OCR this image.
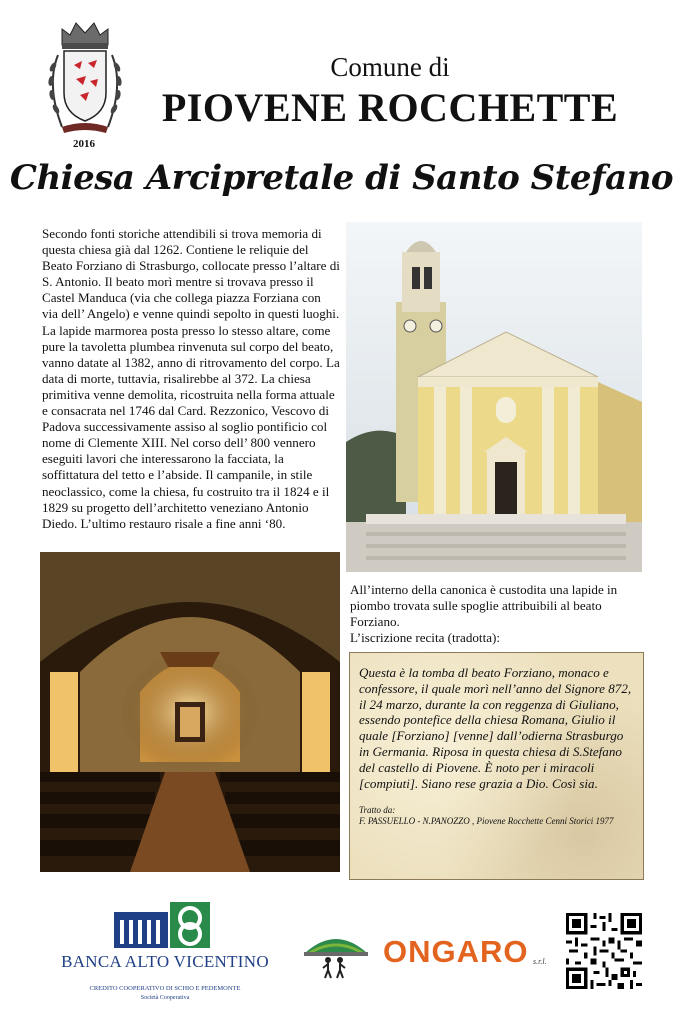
2016
Comune di
PIOVENE ROCCHETTE
Chiesa Arcipretale di Santo Stefano
Secondo fonti storiche attendibili si trova memoria di questa chiesa già dal 1262. Contiene le reliquie del Beato Forziano di Strasburgo, collocate presso l’altare di S. Antonio. Il beato morì mentre si trovava presso il Castel Manduca (via che collega piazza Forziana con via dell’ Angelo) e venne quindi sepolto in questi luoghi. La lapide marmorea posta presso lo stesso altare, come pure la tavoletta plumbea rinvenuta sul corpo del beato, vanno datate al 1382, anno di ritrovamento del corpo. La data di morte, tuttavia, risalirebbe al 372. La chiesa primitiva venne demolita, ricostruita nella forma attuale e consacrata nel 1746 dal Card. Rezzonico, Vescovo di Padova successivamente assiso al soglio pontificio col nome di Clemente XIII. Nel corso dell’ 800 vennero eseguiti lavori che interessarono la facciata, la soffittatura del tetto e l’abside. Il campanile, in stile neoclassico, come la chiesa, fu costruito tra il 1824 e il 1829 su progetto dell’architetto veneziano Antonio Diedo. L’ultimo restauro risale a fine anni ‘80.
All’interno della canonica è custodita una lapide in piombo trovata sulle spoglie attribuibili al beato Forziano.
L’iscrizione recita (tradotta):
Questa è la tomba dl beato Forziano, monaco e confessore, il quale morì nell’anno del Signore 872, il 24 marzo, durante la con reggenza di Giuliano, essendo pontefice della chiesa Romana, Giulio il quale [Forziano] [venne] dall’odierna Strasburgo in Germania. Riposa in questa chiesa di S.Stefano del castello di Piovene. È noto per i miracoli [compiuti]. Siano rese grazia a Dio. Così sia.
Tratto da:
F. PASSUELLO - N.PANOZZO , Piovene Rocchette Cenni Storici 1977
BANCA ALTO VICENTINO
CREDITO COOPERATIVO DI SCHIO E PEDEMONTE
Società Cooperativa
ONGARO s.r.l.
